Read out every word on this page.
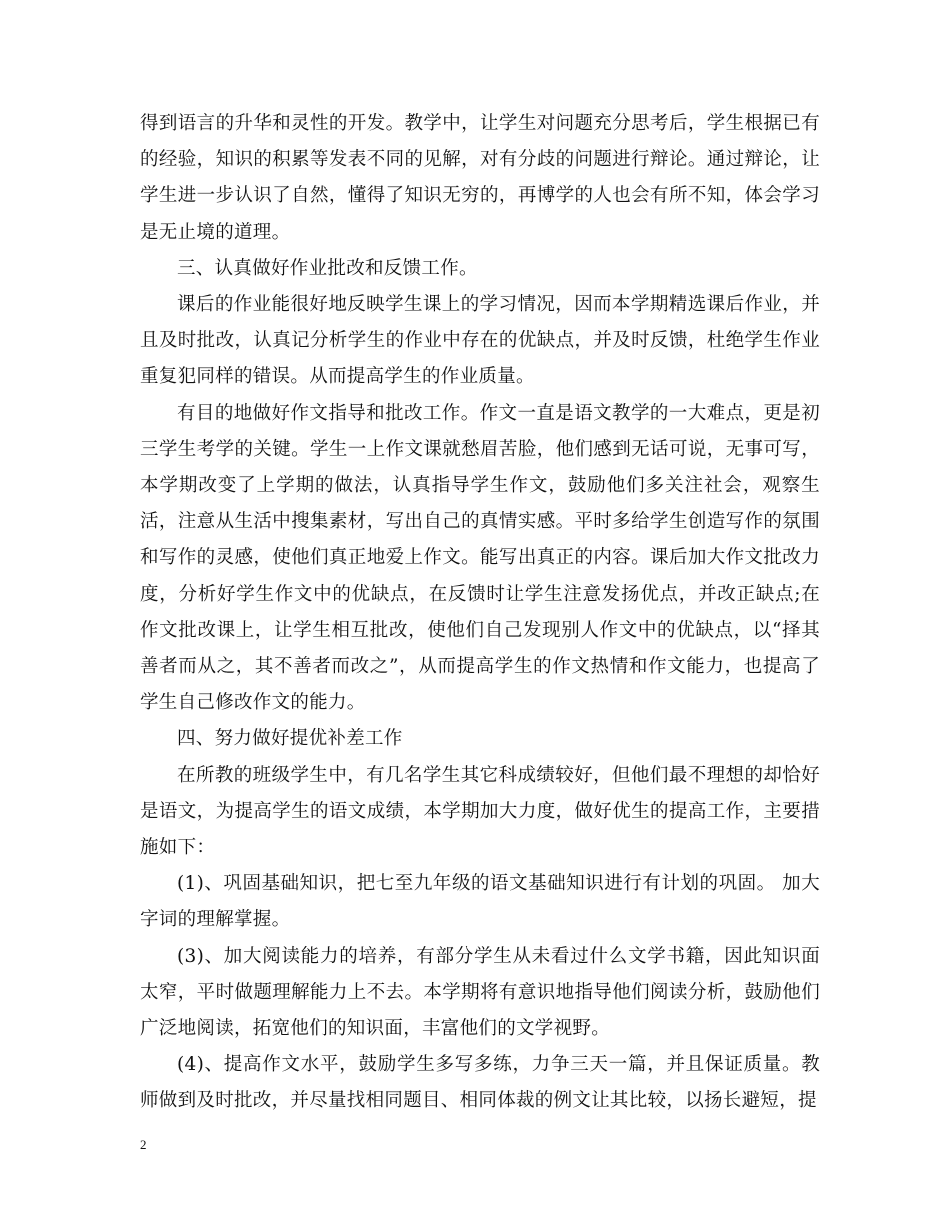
得到语言的升华和灵性的开发。教学中，让学生对问题充分思考后，学生根据已有的经验，知识的积累等发表不同的见解，对有分歧的问题进行辩论。通过辩论，让学生进一步认识了自然，懂得了知识无穷的，再博学的人也会有所不知，体会学习是无止境的道理。

三、认真做好作业批改和反馈工作。

课后的作业能很好地反映学生课上的学习情况，因而本学期精选课后作业，并且及时批改，认真记分析学生的作业中存在的优缺点，并及时反馈，杜绝学生作业重复犯同样的错误。从而提高学生的作业质量。

有目的地做好作文指导和批改工作。作文一直是语文教学的一大难点，更是初三学生考学的关键。学生一上作文课就愁眉苦脸，他们感到无话可说，无事可写，本学期改变了上学期的做法，认真指导学生作文，鼓励他们多关注社会，观察生活，注意从生活中搜集素材，写出自己的真情实感。平时多给学生创造写作的氛围和写作的灵感，使他们真正地爱上作文。能写出真正的内容。课后加大作文批改力度，分析好学生作文中的优缺点，在反馈时让学生注意发扬优点，并改正缺点;在作文批改课上，让学生相互批改，使他们自己发现别人作文中的优缺点，以“择其善者而从之，其不善者而改之”，从而提高学生的作文热情和作文能力，也提高了学生自己修改作文的能力。

四、努力做好提优补差工作

在所教的班级学生中，有几名学生其它科成绩较好，但他们最不理想的却恰好是语文，为提高学生的语文成绩，本学期加大力度，做好优生的提高工作，主要措施如下：

(1)、巩固基础知识，把七至九年级的语文基础知识进行有计划的巩固。 加大字词的理解掌握。

(3)、加大阅读能力的培养，有部分学生从未看过什么文学书籍，因此知识面太窄，平时做题理解能力上不去。本学期将有意识地指导他们阅读分析，鼓励他们广泛地阅读，拓宽他们的知识面，丰富他们的文学视野。

(4)、提高作文水平，鼓励学生多写多练，力争三天一篇，并且保证质量。教师做到及时批改，并尽量找相同题目、相同体裁的例文让其比较，以扬长避短，提

2
